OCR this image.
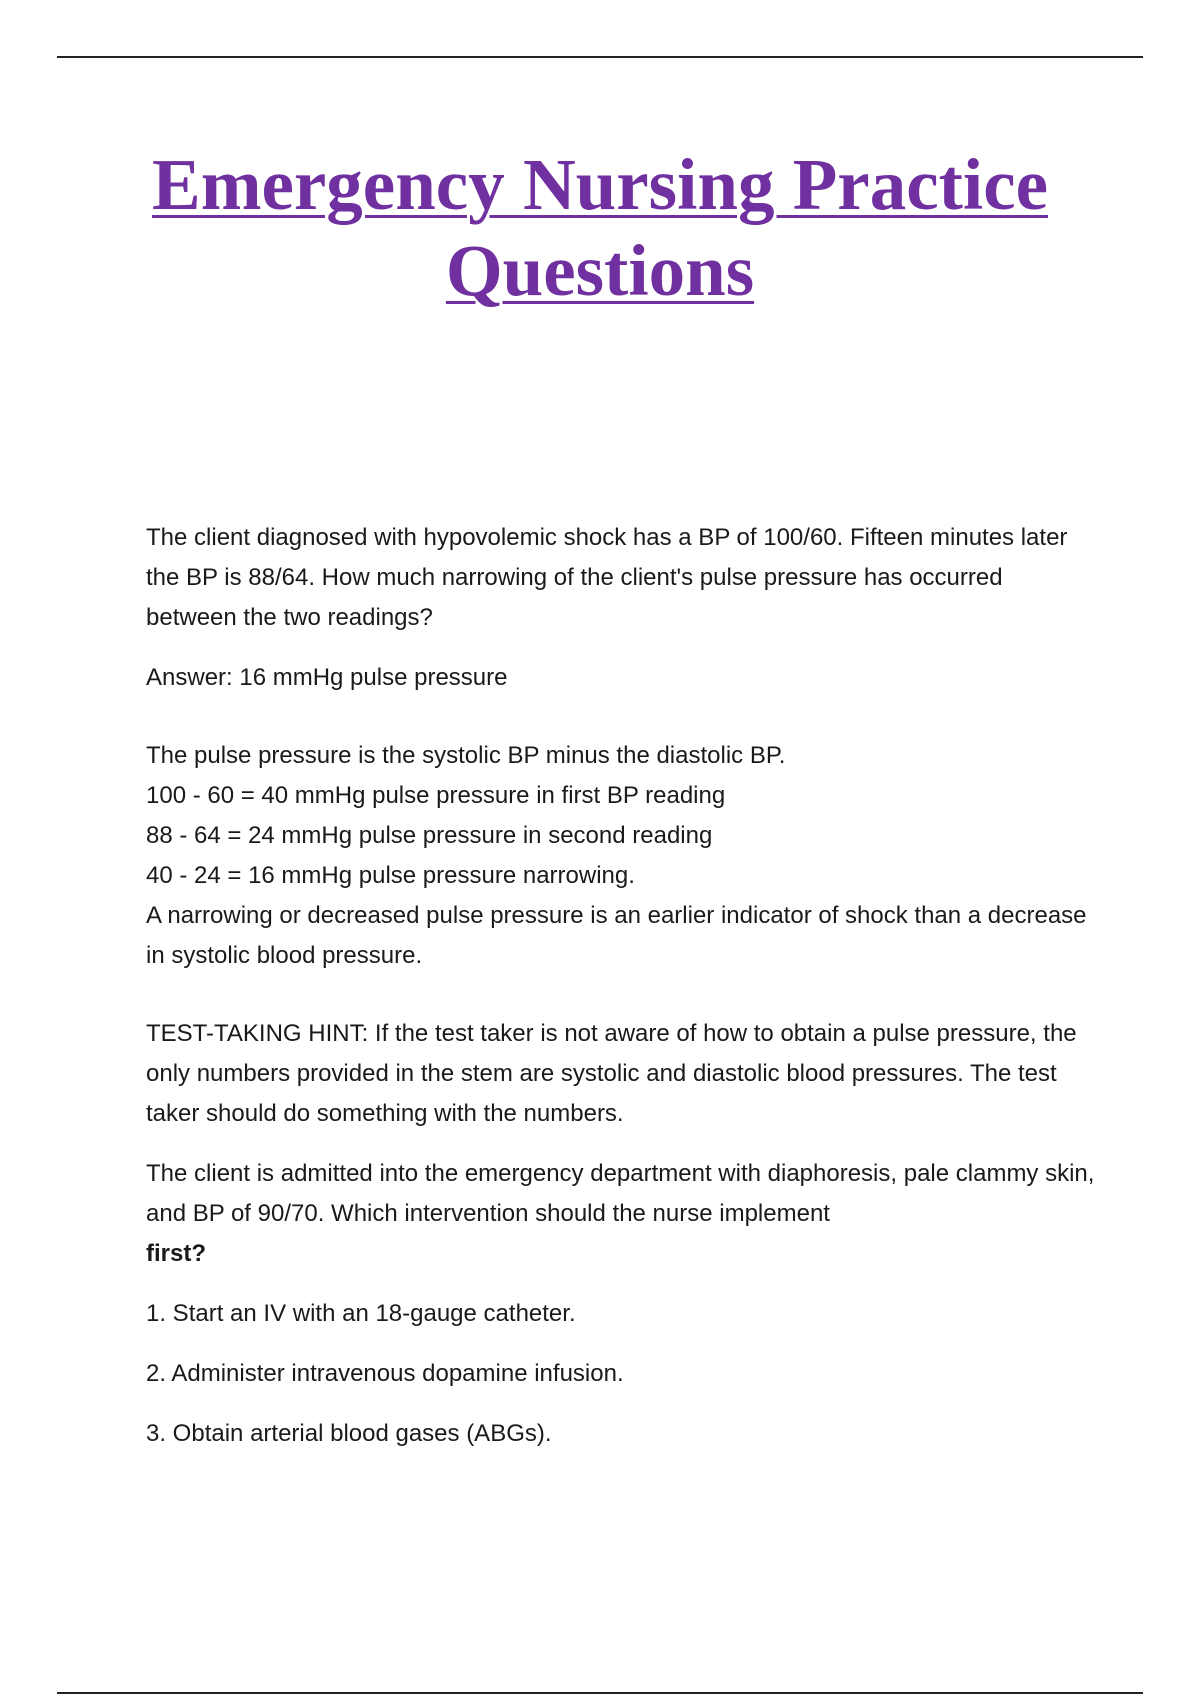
Emergency Nursing Practice
Questions

The client diagnosed with hypovolemic shock has a BP of 100/60. Fifteen minutes later the BP is 88/64. How much narrowing of the client's pulse pressure has occurred between the two readings?

Answer: 16 mmHg pulse pressure

The pulse pressure is the systolic BP minus the diastolic BP.

100 - 60 = 40 mmHg pulse pressure in first BP reading

88 - 64 = 24 mmHg pulse pressure in second reading

40 - 24 = 16 mmHg pulse pressure narrowing.

A narrowing or decreased pulse pressure is an earlier indicator of shock than a decrease in systolic blood pressure.

TEST-TAKING HINT: If the test taker is not aware of how to obtain a pulse pressure, the only numbers provided in the stem are systolic and diastolic blood pressures. The test taker should do something with the numbers.

The client is admitted into the emergency department with diaphoresis, pale clammy skin, and BP of 90/70. Which intervention should the nurse implement
first?

1. Start an IV with an 18-gauge catheter.

2. Administer intravenous dopamine infusion.

3. Obtain arterial blood gases (ABGs).
